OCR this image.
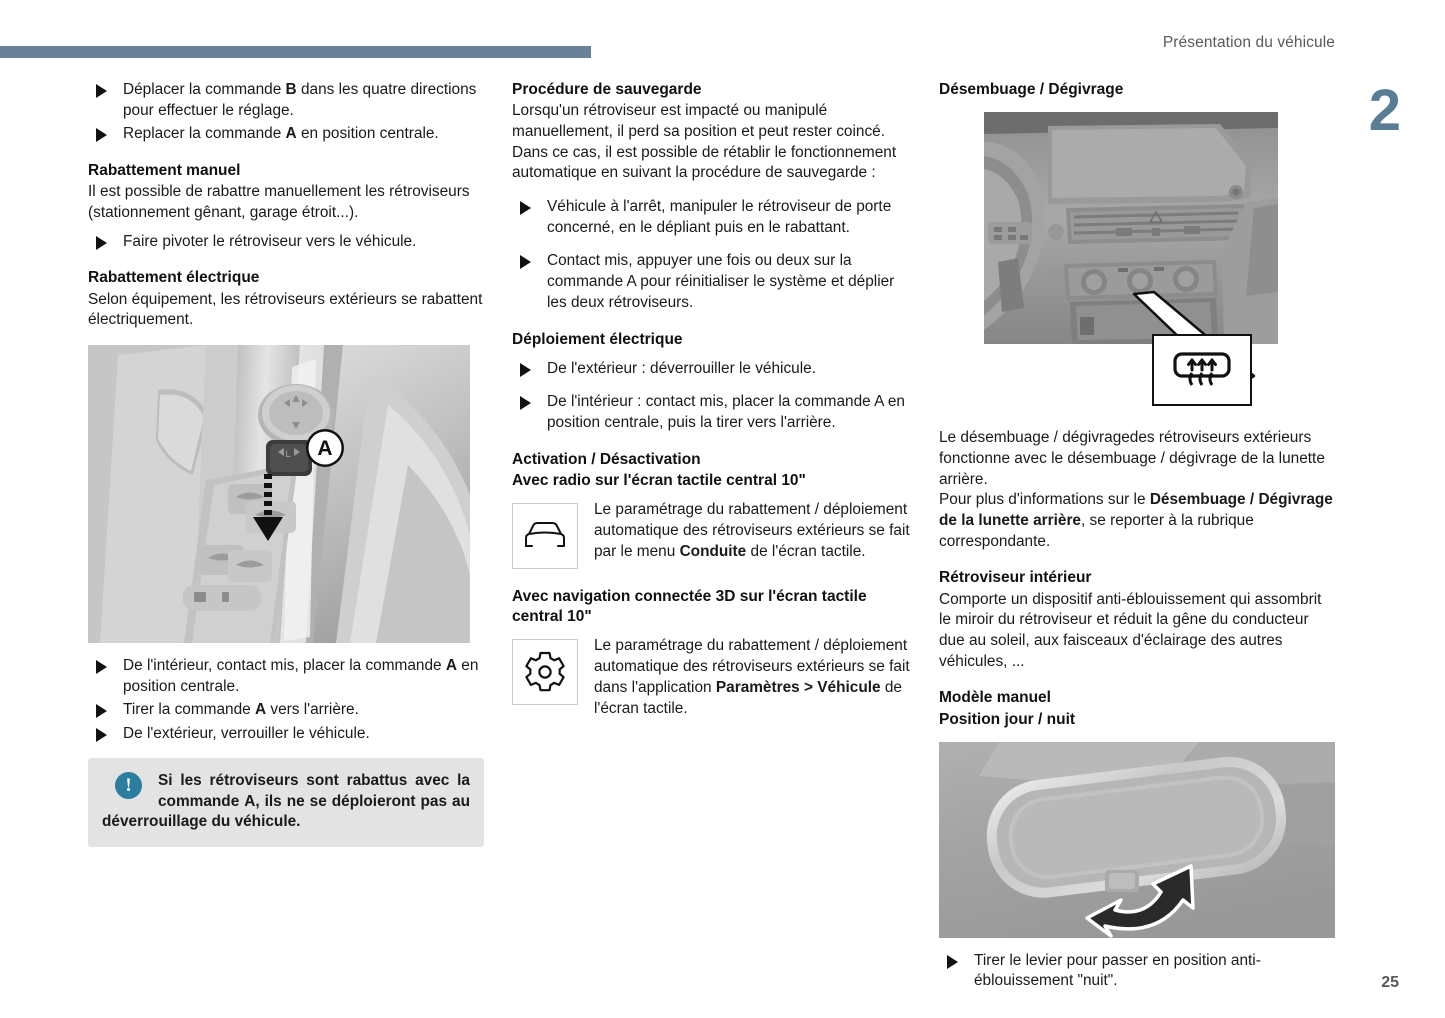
Présentation du véhicule
2
25
Déplacer la commande B dans les quatre directions pour effectuer le réglage.
Replacer la commande A en position centrale.
Rabattement manuel

Il est possible de rabattre manuellement les rétroviseurs (stationnement gênant, garage étroit...).

Faire pivoter le rétroviseur vers le véhicule.
Rabattement électrique

Selon équipement, les rétroviseurs extérieurs se rabattent électriquement.

L A
De l'intérieur, contact mis, placer la commande A en position centrale.
Tirer la commande A vers l'arrière.
De l'extérieur, verrouiller le véhicule.
!	Si les rétroviseurs sont rabattus avec la commande A, ils ne se déploieront pas au déverrouillage du véhicule.
Procédure de sauvegarde

Lorsqu'un rétroviseur est impacté ou manipulé manuellement, il perd sa position et peut rester coincé. Dans ce cas, il est possible de rétablir le fonctionnement automatique en suivant la procédure de sauvegarde :

Véhicule à l'arrêt, manipuler le rétroviseur de porte concerné, en le dépliant puis en le rabattant.
Contact mis, appuyer une fois ou deux sur la commande A pour réinitialiser le système et déplier les deux rétroviseurs.
Déploiement électrique
De l'extérieur : déverrouiller le véhicule.
De l'intérieur : contact mis, placer la commande A en position centrale, puis la tirer vers l'arrière.
Activation / Désactivation
Avec radio sur l'écran tactile central 10"
Le paramétrage du rabattement / déploiement automatique des rétroviseurs extérieurs se fait par le menu Conduite de l'écran tactile.
Avec navigation connectée 3D sur l'écran tactile central 10"
Le paramétrage du rabattement / déploiement automatique des rétroviseurs extérieurs se fait dans l'application Paramètres > Véhicule de l'écran tactile.
Désembuage / Dégivrage

Le désembuage / dégivragedes rétroviseurs extérieurs fonctionne avec le désembuage / dégivrage de la lunette arrière.

Pour plus d'informations sur le Désembuage / Dégivrage de la lunette arrière, se reporter à la rubrique correspondante.

Rétroviseur intérieur

Comporte un dispositif anti-éblouissement qui assombrit le miroir du rétroviseur et réduit la gêne du conducteur due au soleil, aux faisceaux d'éclairage des autres véhicules, ...

Modèle manuel
Position jour / nuit
Tirer le levier pour passer en position anti-éblouissement "nuit".
